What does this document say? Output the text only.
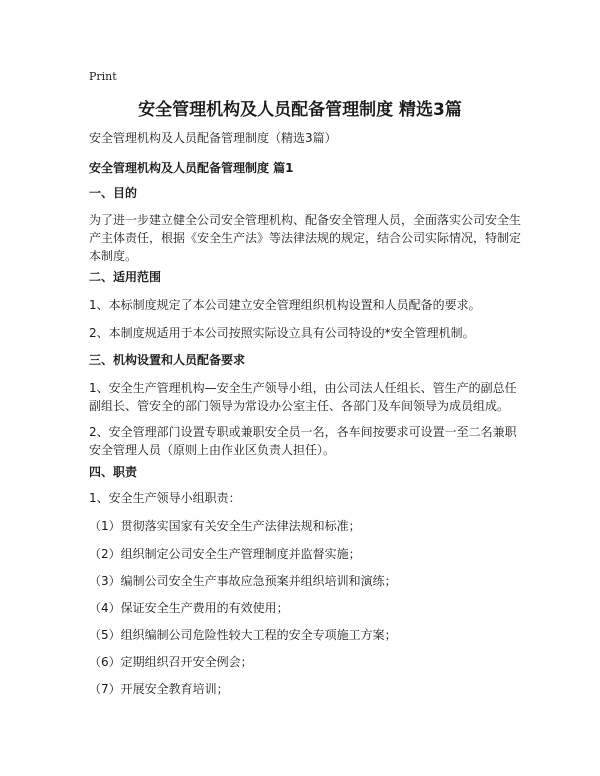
Print
安全管理机构及人员配备管理制度 精选3篇

安全管理机构及人员配备管理制度（精选3篇）

安全管理机构及人员配备管理制度 篇1

一、目的

为了进一步建立健全公司安全管理机构、配备安全管理人员，全面落实公司安全生

产主体责任，根据《安全生产法》等法律法规的规定，结合公司实际情况，特制定

本制度。

二、适用范围

1、本标制度规定了本公司建立安全管理组织机构设置和人员配备的要求。

2、本制度规适用于本公司按照实际设立具有公司特设的*安全管理机制。

三、机构设置和人员配备要求

1、安全生产管理机构—安全生产领导小组，由公司法人任组长、管生产的副总任

副组长、管安全的部门领导为常设办公室主任、各部门及车间领导为成员组成。

2、安全管理部门设置专职或兼职安全员一名，各车间按要求可设置一至二名兼职

安全管理人员（原则上由作业区负责人担任）。

四、职责

1、安全生产领导小组职责：

（1）贯彻落实国家有关安全生产法律法规和标准；

（2）组织制定公司安全生产管理制度并监督实施；

（3）编制公司安全生产事故应急预案并组织培训和演练；

（4）保证安全生产费用的有效使用；

（5）组织编制公司危险性较大工程的安全专项施工方案；

（6）定期组织召开安全例会；

（7）开展安全教育培训；
